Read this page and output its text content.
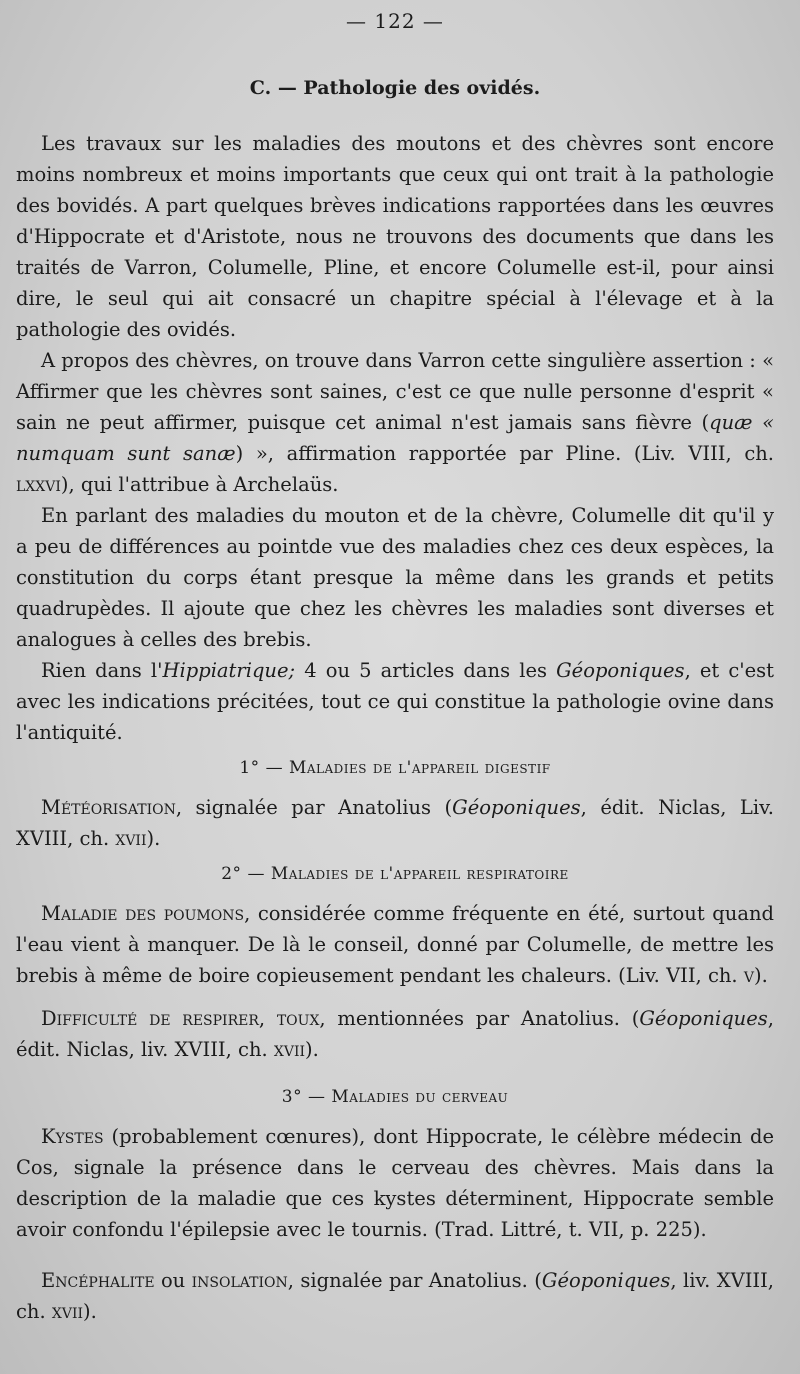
— 122 —
C. — Pathologie des ovidés.

Les travaux sur les maladies des moutons et des chèvres sont encore moins nombreux et moins importants que ceux qui ont trait à la pathologie des bovidés. A part quelques brèves indications rapportées dans les œuvres d'Hippocrate et d'Aristote, nous ne trouvons des documents que dans les traités de Varron, Columelle, Pline, et encore Columelle est-il, pour ainsi dire, le seul qui ait consacré un chapitre spécial à l'élevage et à la pathologie des ovidés.

A propos des chèvres, on trouve dans Varron cette singulière assertion : « Affirmer que les chèvres sont saines, c'est ce que nulle personne d'esprit « sain ne peut affirmer, puisque cet animal n'est jamais sans fièvre (quæ « numquam sunt sanæ) », affirmation rapportée par Pline. (Liv. VIII, ch. lxxvi), qui l'attribue à Archelaüs.

En parlant des maladies du mouton et de la chèvre, Columelle dit qu'il y a peu de différences au pointde vue des maladies chez ces deux espèces, la constitution du corps étant presque la même dans les grands et petits quadrupèdes. Il ajoute que chez les chèvres les maladies sont diverses et analogues à celles des brebis.

Rien dans l'Hippiatrique; 4 ou 5 articles dans les Géoponiques, et c'est avec les indications précitées, tout ce qui constitue la pathologie ovine dans l'antiquité.

1° — Maladies de l'appareil digestif

Météorisation, signalée par Anatolius (Géoponiques, édit. Niclas, Liv. XVIII, ch. xvii).

2° — Maladies de l'appareil respiratoire

Maladie des poumons, considérée comme fréquente en été, surtout quand l'eau vient à manquer. De là le conseil, donné par Columelle, de mettre les brebis à même de boire copieusement pendant les chaleurs. (Liv. VII, ch. v).

Difficulté de respirer, toux, mentionnées par Anatolius. (Géoponiques, édit. Niclas, liv. XVIII, ch. xvii).

3° — Maladies du cerveau

Kystes (probablement cœnures), dont Hippocrate, le célèbre médecin de Cos, signale la présence dans le cerveau des chèvres. Mais dans la description de la maladie que ces kystes déterminent, Hippocrate semble avoir confondu l'épilepsie avec le tournis. (Trad. Littré, t. VII, p. 225).

Encéphalite ou insolation, signalée par Anatolius. (Géoponiques, liv. XVIII, ch. xvii).
